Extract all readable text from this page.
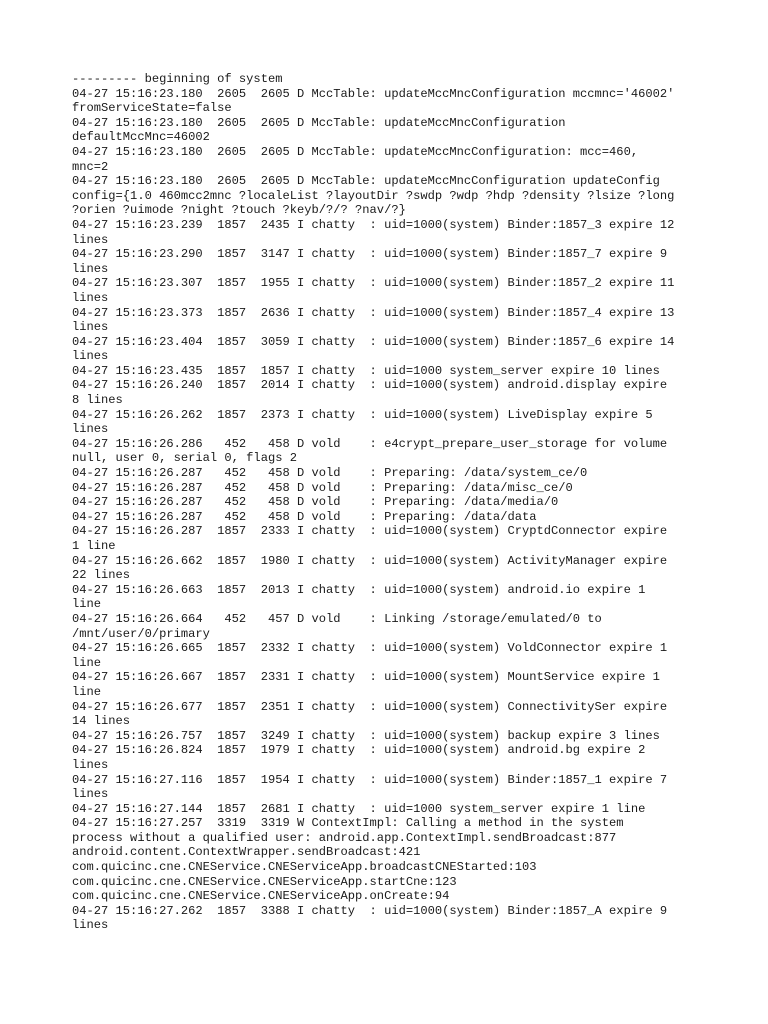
--------- beginning of system
04-27 15:16:23.180  2605  2605 D MccTable: updateMccMncConfiguration mccmnc='46002'
fromServiceState=false
04-27 15:16:23.180  2605  2605 D MccTable: updateMccMncConfiguration
defaultMccMnc=46002
04-27 15:16:23.180  2605  2605 D MccTable: updateMccMncConfiguration: mcc=460,
mnc=2
04-27 15:16:23.180  2605  2605 D MccTable: updateMccMncConfiguration updateConfig
config={1.0 460mcc2mnc ?localeList ?layoutDir ?swdp ?wdp ?hdp ?density ?lsize ?long
?orien ?uimode ?night ?touch ?keyb/?/? ?nav/?}
04-27 15:16:23.239  1857  2435 I chatty  : uid=1000(system) Binder:1857_3 expire 12
lines
04-27 15:16:23.290  1857  3147 I chatty  : uid=1000(system) Binder:1857_7 expire 9
lines
04-27 15:16:23.307  1857  1955 I chatty  : uid=1000(system) Binder:1857_2 expire 11
lines
04-27 15:16:23.373  1857  2636 I chatty  : uid=1000(system) Binder:1857_4 expire 13
lines
04-27 15:16:23.404  1857  3059 I chatty  : uid=1000(system) Binder:1857_6 expire 14
lines
04-27 15:16:23.435  1857  1857 I chatty  : uid=1000 system_server expire 10 lines
04-27 15:16:26.240  1857  2014 I chatty  : uid=1000(system) android.display expire
8 lines
04-27 15:16:26.262  1857  2373 I chatty  : uid=1000(system) LiveDisplay expire 5
lines
04-27 15:16:26.286   452   458 D vold    : e4crypt_prepare_user_storage for volume
null, user 0, serial 0, flags 2
04-27 15:16:26.287   452   458 D vold    : Preparing: /data/system_ce/0
04-27 15:16:26.287   452   458 D vold    : Preparing: /data/misc_ce/0
04-27 15:16:26.287   452   458 D vold    : Preparing: /data/media/0
04-27 15:16:26.287   452   458 D vold    : Preparing: /data/data
04-27 15:16:26.287  1857  2333 I chatty  : uid=1000(system) CryptdConnector expire
1 line
04-27 15:16:26.662  1857  1980 I chatty  : uid=1000(system) ActivityManager expire
22 lines
04-27 15:16:26.663  1857  2013 I chatty  : uid=1000(system) android.io expire 1
line
04-27 15:16:26.664   452   457 D vold    : Linking /storage/emulated/0 to
/mnt/user/0/primary
04-27 15:16:26.665  1857  2332 I chatty  : uid=1000(system) VoldConnector expire 1
line
04-27 15:16:26.667  1857  2331 I chatty  : uid=1000(system) MountService expire 1
line
04-27 15:16:26.677  1857  2351 I chatty  : uid=1000(system) ConnectivitySer expire
14 lines
04-27 15:16:26.757  1857  3249 I chatty  : uid=1000(system) backup expire 3 lines
04-27 15:16:26.824  1857  1979 I chatty  : uid=1000(system) android.bg expire 2
lines
04-27 15:16:27.116  1857  1954 I chatty  : uid=1000(system) Binder:1857_1 expire 7
lines
04-27 15:16:27.144  1857  2681 I chatty  : uid=1000 system_server expire 1 line
04-27 15:16:27.257  3319  3319 W ContextImpl: Calling a method in the system
process without a qualified user: android.app.ContextImpl.sendBroadcast:877
android.content.ContextWrapper.sendBroadcast:421
com.quicinc.cne.CNEService.CNEServiceApp.broadcastCNEStarted:103
com.quicinc.cne.CNEService.CNEServiceApp.startCne:123
com.quicinc.cne.CNEService.CNEServiceApp.onCreate:94
04-27 15:16:27.262  1857  3388 I chatty  : uid=1000(system) Binder:1857_A expire 9
lines
